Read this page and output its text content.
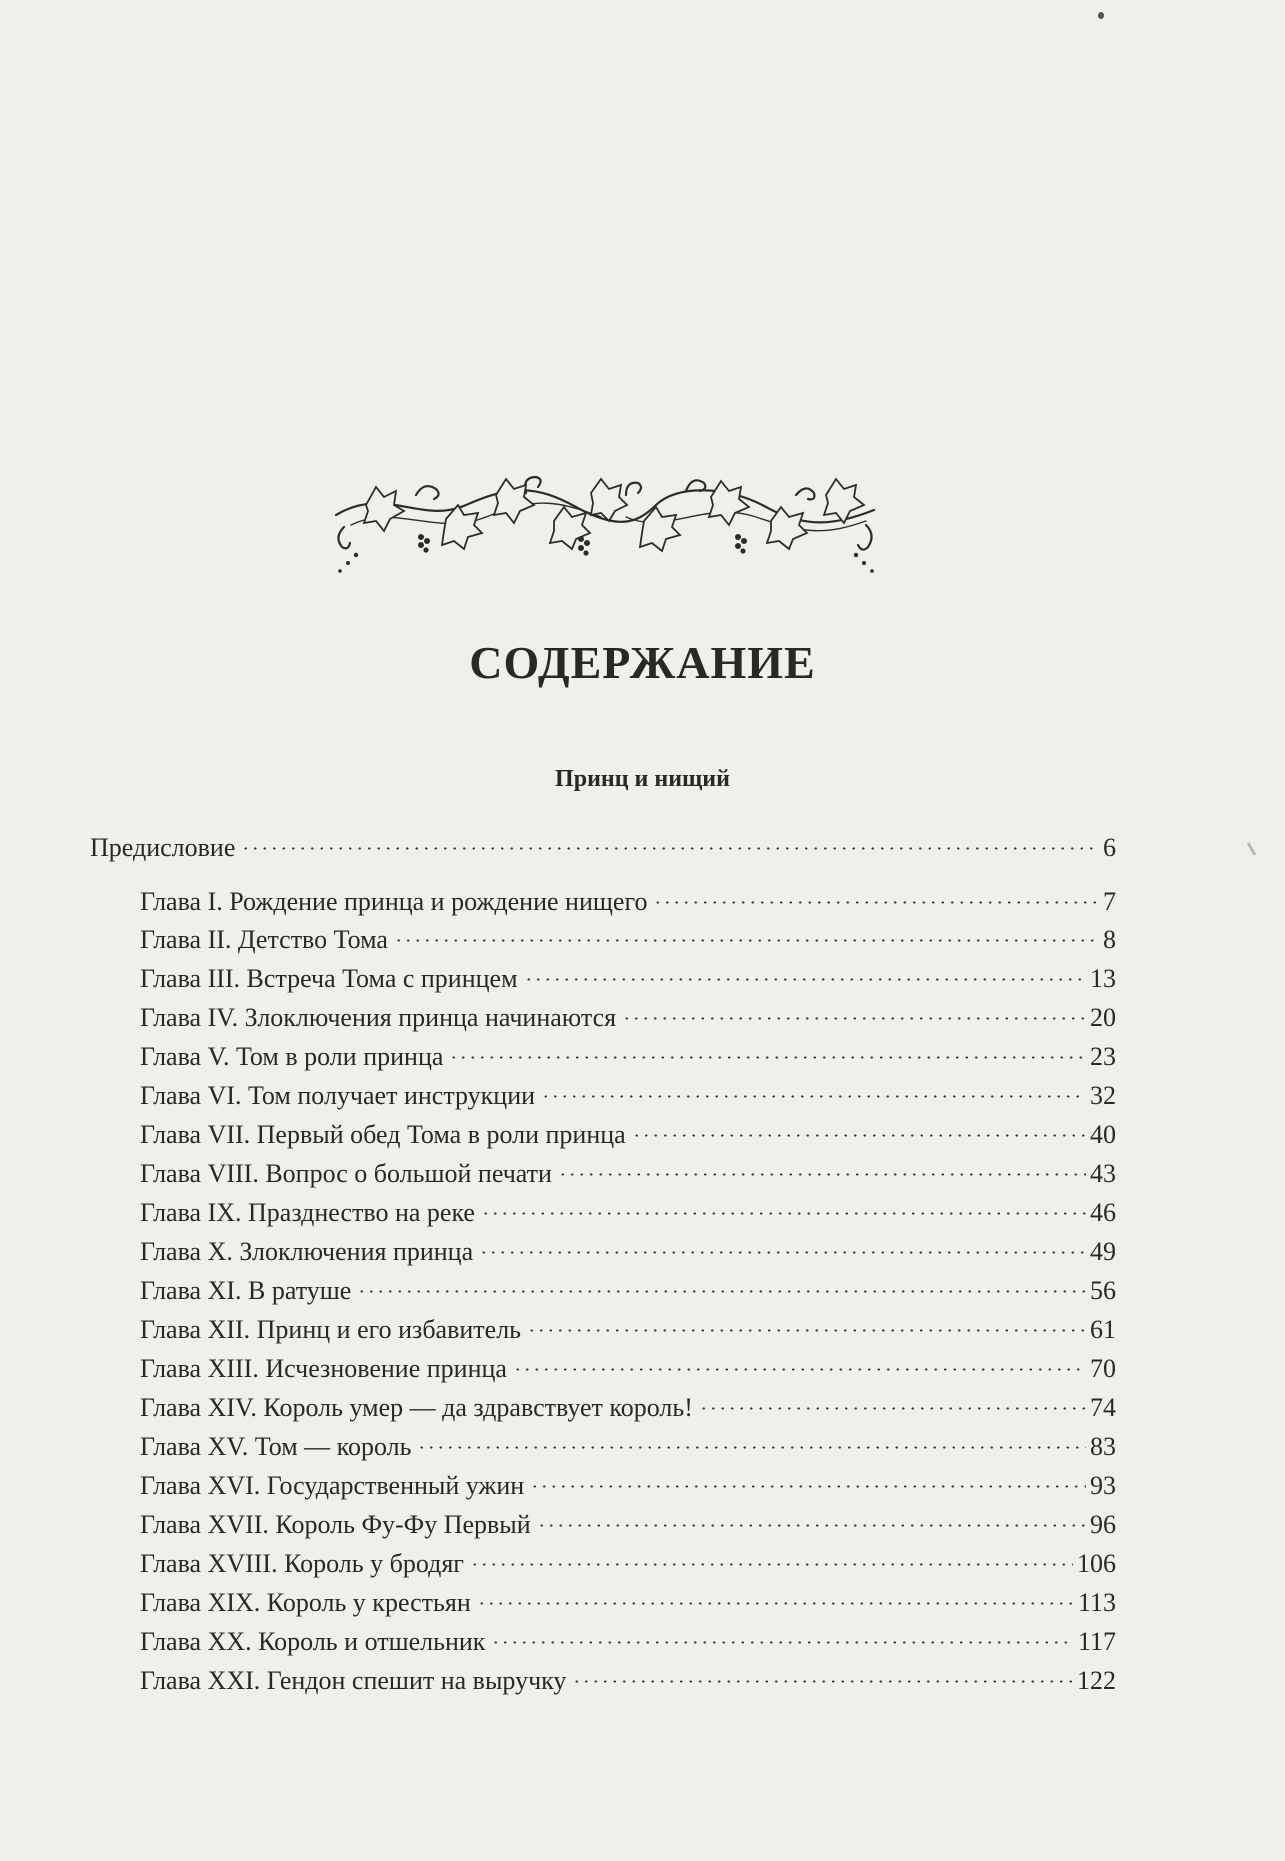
СОДЕРЖАНИЕ
Принц и нищий
Предисловие	6
Глава I. Рождение принца и рождение нищего	7
Глава II. Детство Тома	8
Глава III. Встреча Тома с принцем	13
Глава IV. Злоключения принца начинаются	20
Глава V. Том в роли принца	23
Глава VI. Том получает инструкции	32
Глава VII. Первый обед Тома в роли принца	40
Глава VIII. Вопрос о большой печати	43
Глава IX. Празднество на реке	46
Глава X. Злоключения принца	49
Глава XI. В ратуше	56
Глава XII. Принц и его избавитель	61
Глава XIII. Исчезновение принца	70
Глава XIV. Король умер — да здравствует король!	74
Глава XV. Том — король	83
Глава XVI. Государственный ужин	93
Глава XVII. Король Фу-Фу Первый	96
Глава XVIII. Король у бродяг	106
Глава XIX. Король у крестьян	113
Глава XX. Король и отшельник	117
Глава XXI. Гендон спешит на выручку	122
